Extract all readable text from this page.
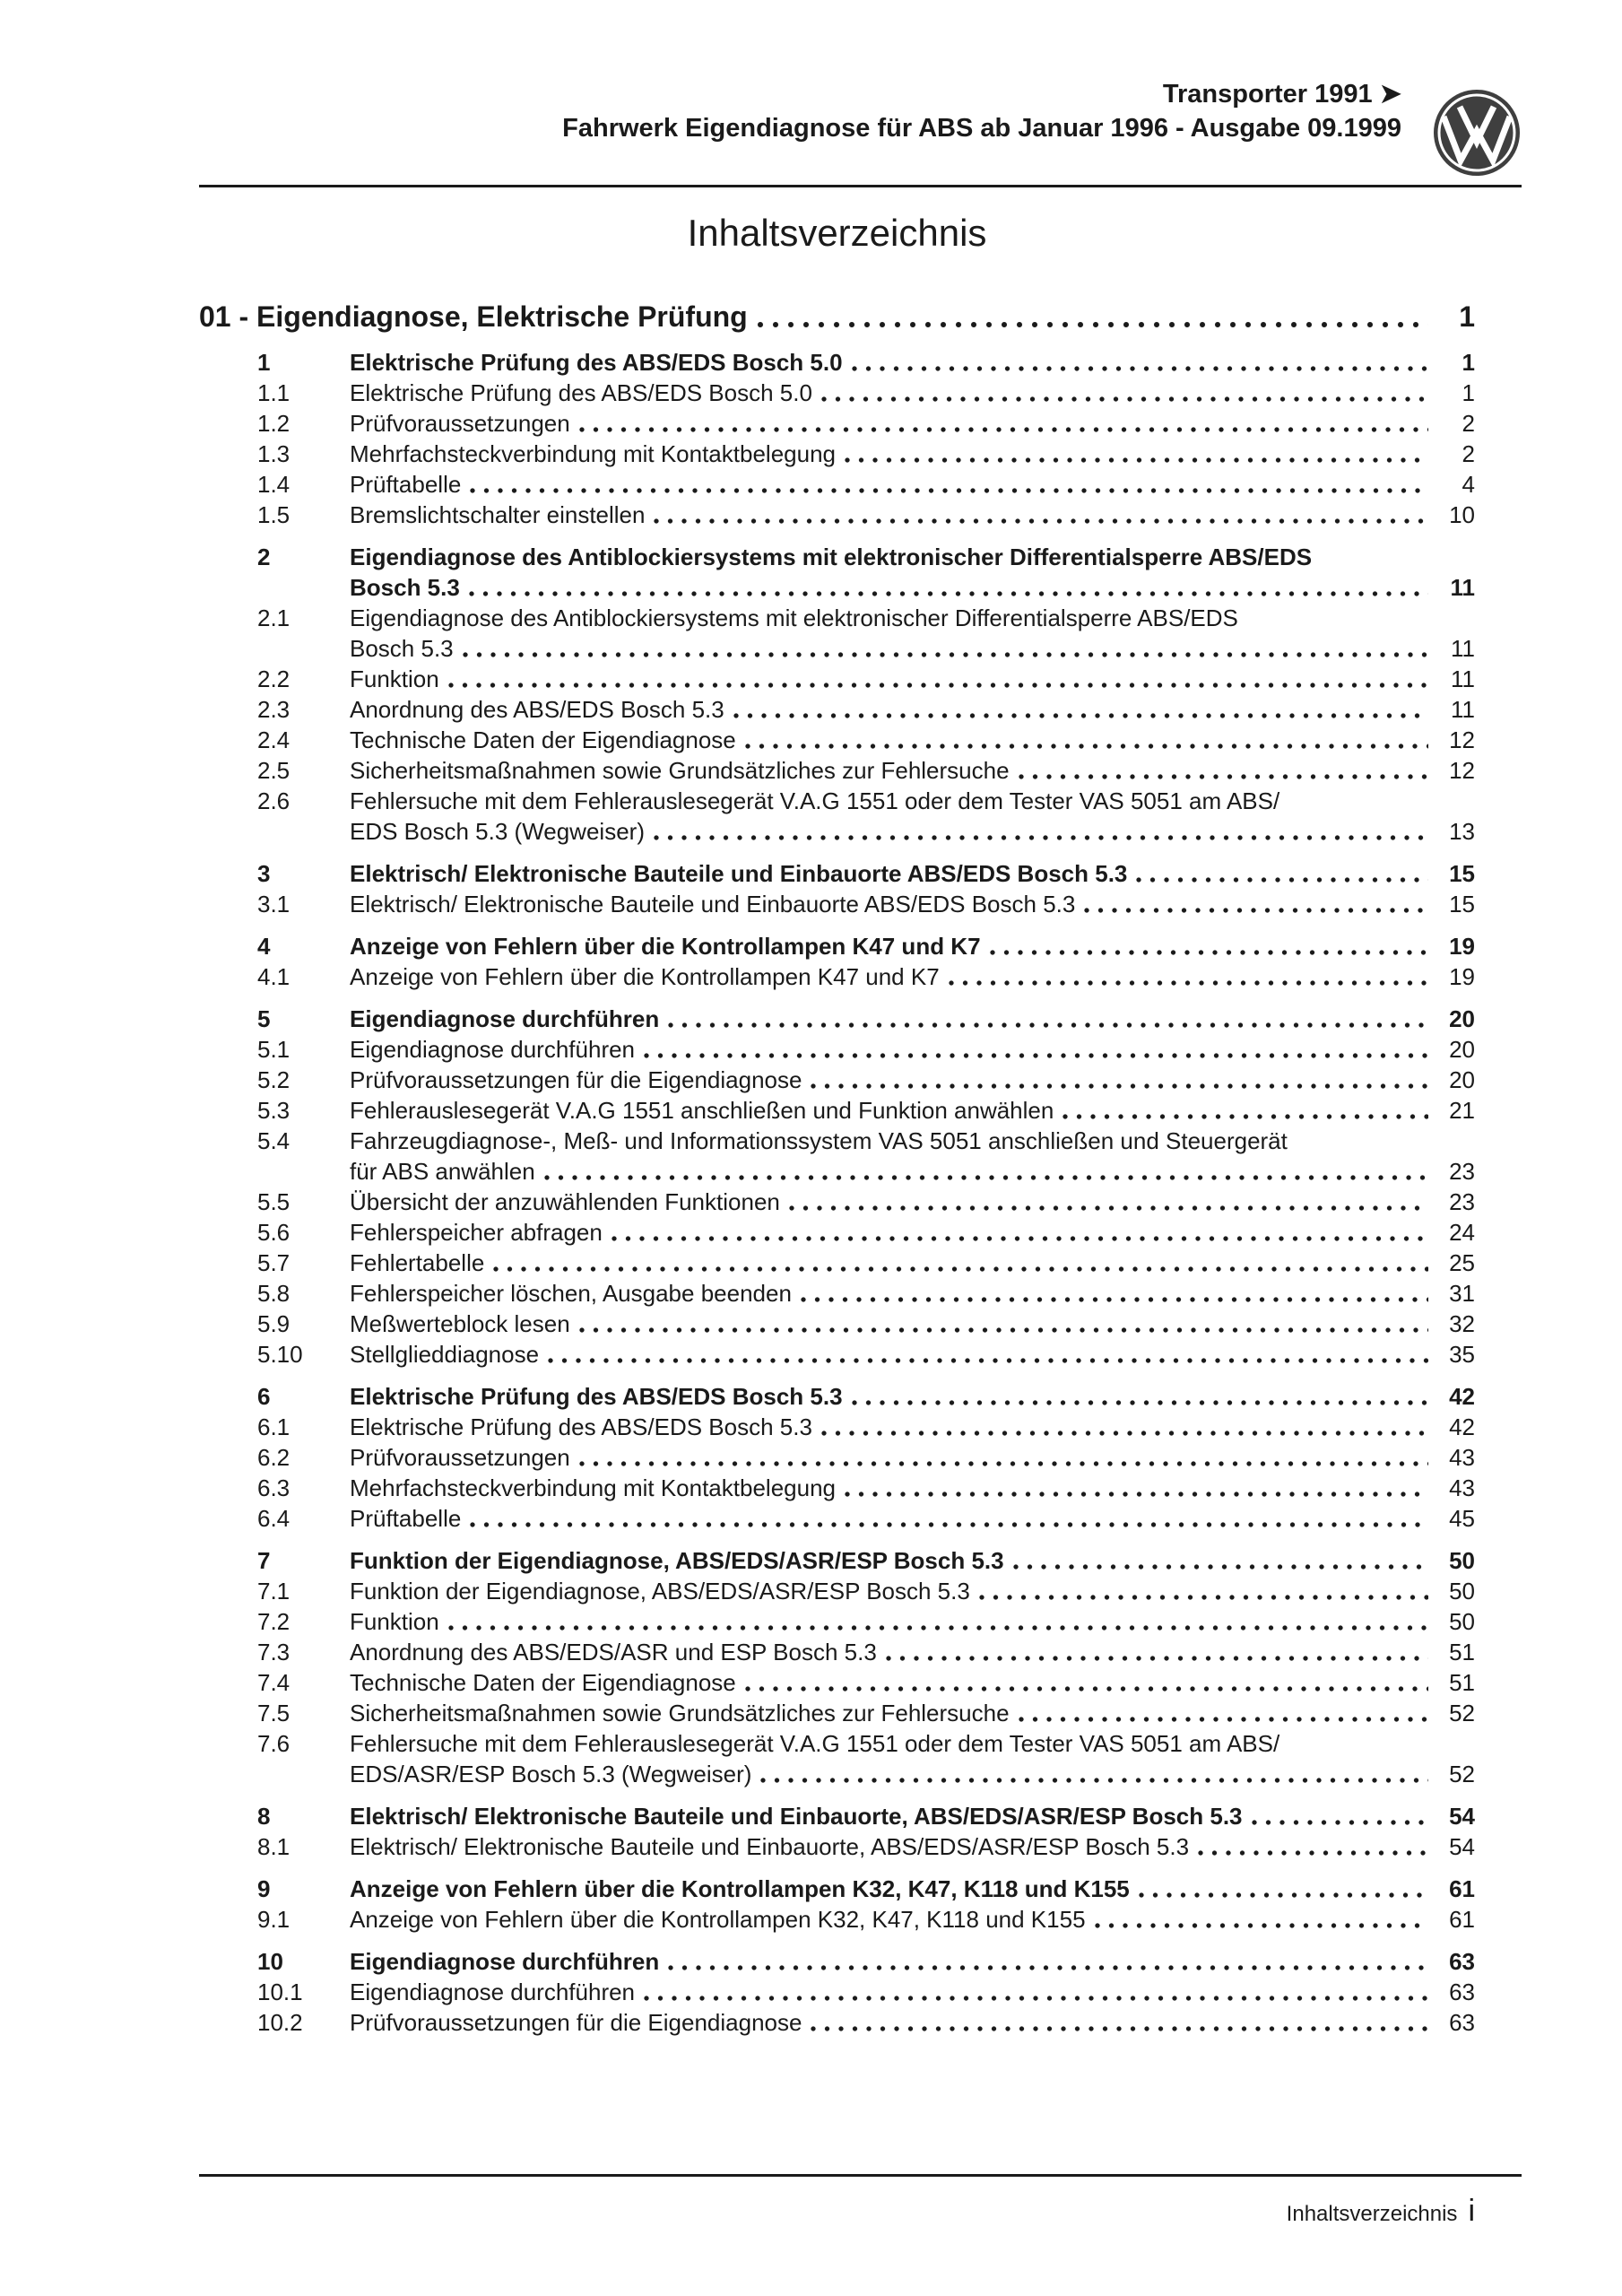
Transporter 1991 ➤
Fahrwerk Eigendiagnose für ABS ab Januar 1996 - Ausgabe 09.1999
Inhaltsverzeichnis
01 - Eigendiagnose, Elektrische Prüfung	1
1	Elektrische Prüfung des ABS/EDS Bosch 5.0	1
1.1	Elektrische Prüfung des ABS/EDS Bosch 5.0	1
1.2	Prüfvoraussetzungen	2
1.3	Mehrfachsteckverbindung mit Kontaktbelegung	2
1.4	Prüftabelle	4
1.5	Bremslichtschalter einstellen	10
2	Eigendiagnose des Antiblockiersystems mit elektronischer Differentialsperre ABS/EDS
Bosch 5.3	11
2.1	Eigendiagnose des Antiblockiersystems mit elektronischer Differentialsperre ABS/EDS
Bosch 5.3	11
2.2	Funktion	11
2.3	Anordnung des ABS/EDS Bosch 5.3	11
2.4	Technische Daten der Eigendiagnose	12
2.5	Sicherheitsmaßnahmen sowie Grundsätzliches zur Fehlersuche	12
2.6	Fehlersuche mit dem Fehlerauslesegerät V.A.G 1551 oder dem Tester VAS 5051 am ABS/
EDS Bosch 5.3 (Wegweiser)	13
3	Elektrisch/ Elektronische Bauteile und Einbauorte ABS/EDS Bosch 5.3	15
3.1	Elektrisch/ Elektronische Bauteile und Einbauorte ABS/EDS Bosch 5.3	15
4	Anzeige von Fehlern über die Kontrollampen K47 und K7	19
4.1	Anzeige von Fehlern über die Kontrollampen K47 und K7	19
5	Eigendiagnose durchführen	20
5.1	Eigendiagnose durchführen	20
5.2	Prüfvoraussetzungen für die Eigendiagnose	20
5.3	Fehlerauslesegerät V.A.G 1551 anschließen und Funktion anwählen	21
5.4	Fahrzeugdiagnose-, Meß- und Informationssystem VAS 5051 anschließen und Steuergerät
für ABS anwählen	23
5.5	Übersicht der anzuwählenden Funktionen	23
5.6	Fehlerspeicher abfragen	24
5.7	Fehlertabelle	25
5.8	Fehlerspeicher löschen, Ausgabe beenden	31
5.9	Meßwerteblock lesen	32
5.10	Stellglieddiagnose	35
6	Elektrische Prüfung des ABS/EDS Bosch 5.3	42
6.1	Elektrische Prüfung des ABS/EDS Bosch 5.3	42
6.2	Prüfvoraussetzungen	43
6.3	Mehrfachsteckverbindung mit Kontaktbelegung	43
6.4	Prüftabelle	45
7	Funktion der Eigendiagnose, ABS/EDS/ASR/ESP Bosch 5.3	50
7.1	Funktion der Eigendiagnose, ABS/EDS/ASR/ESP Bosch 5.3	50
7.2	Funktion	50
7.3	Anordnung des ABS/EDS/ASR und ESP Bosch 5.3	51
7.4	Technische Daten der Eigendiagnose	51
7.5	Sicherheitsmaßnahmen sowie Grundsätzliches zur Fehlersuche	52
7.6	Fehlersuche mit dem Fehlerauslesegerät V.A.G 1551 oder dem Tester VAS 5051 am ABS/
EDS/ASR/ESP Bosch 5.3 (Wegweiser)	52
8	Elektrisch/ Elektronische Bauteile und Einbauorte, ABS/EDS/ASR/ESP Bosch 5.3	54
8.1	Elektrisch/ Elektronische Bauteile und Einbauorte, ABS/EDS/ASR/ESP Bosch 5.3	54
9	Anzeige von Fehlern über die Kontrollampen K32, K47, K118 und K155	61
9.1	Anzeige von Fehlern über die Kontrollampen K32, K47, K118 und K155	61
10	Eigendiagnose durchführen	63
10.1	Eigendiagnose durchführen	63
10.2	Prüfvoraussetzungen für die Eigendiagnose	63
Inhaltsverzeichnis i
